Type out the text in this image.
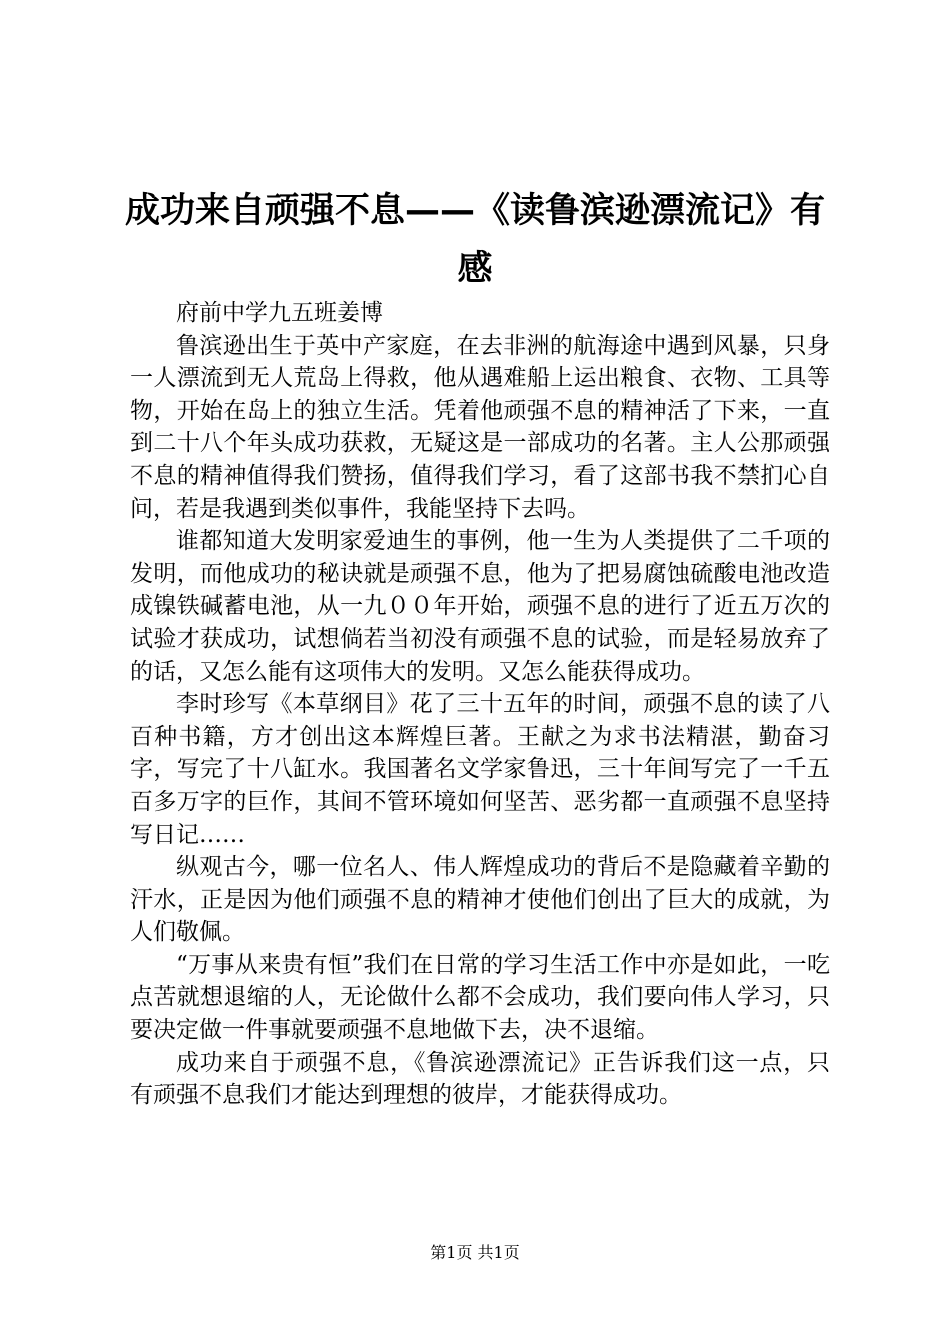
成功来自顽强不息——《读鲁滨逊漂流记》有感

府前中学九五班姜博

鲁滨逊出生于英中产家庭，在去非洲的航海途中遇到风暴，只身一人漂流到无人荒岛上得救，他从遇难船上运出粮食、衣物、工具等物，开始在岛上的独立生活。凭着他顽强不息的精神活了下来，一直到二十八个年头成功获救，无疑这是一部成功的名著。主人公那顽强不息的精神值得我们赞扬，值得我们学习，看了这部书我不禁扪心自问，若是我遇到类似事件，我能坚持下去吗。

谁都知道大发明家爱迪生的事例，他一生为人类提供了二千项的发明，而他成功的秘诀就是顽强不息，他为了把易腐蚀硫酸电池改造成镍铁碱蓄电池，从一九００年开始，顽强不息的进行了近五万次的试验才获成功，试想倘若当初没有顽强不息的试验，而是轻易放弃了的话，又怎么能有这项伟大的发明。又怎么能获得成功。

李时珍写《本草纲目》花了三十五年的时间，顽强不息的读了八百种书籍，方才创出这本辉煌巨著。王献之为求书法精湛，勤奋习字，写完了十八缸水。我国著名文学家鲁迅，三十年间写完了一千五百多万字的巨作，其间不管环境如何坚苦、恶劣都一直顽强不息坚持写日记……

纵观古今，哪一位名人、伟人辉煌成功的背后不是隐藏着辛勤的汗水，正是因为他们顽强不息的精神才使他们创出了巨大的成就，为人们敬佩。

“万事从来贵有恒”我们在日常的学习生活工作中亦是如此，一吃点苦就想退缩的人，无论做什么都不会成功，我们要向伟人学习，只要决定做一件事就要顽强不息地做下去，决不退缩。

成功来自于顽强不息，《鲁滨逊漂流记》正告诉我们这一点，只有顽强不息我们才能达到理想的彼岸，才能获得成功。

第1页 共1页
